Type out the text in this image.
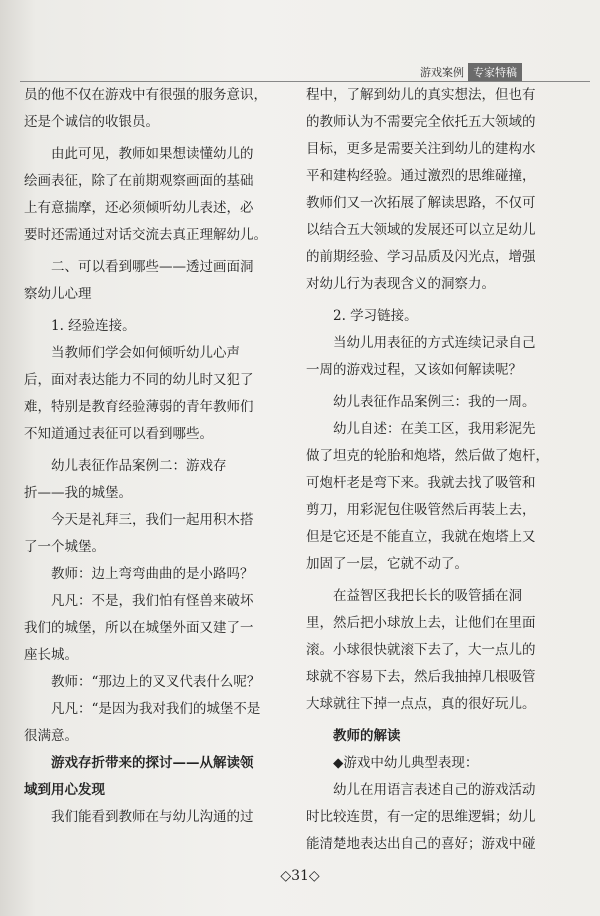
游戏案例 专家特稿

员的他不仅在游戏中有很强的服务意识，

还是个诚信的收银员。

由此可见，教师如果想读懂幼儿的

绘画表征，除了在前期观察画面的基础

上有意揣摩，还必须倾听幼儿表述，必

要时还需通过对话交流去真正理解幼儿。

二、可以看到哪些——透过画面洞

察幼儿心理

1. 经验连接。

当教师们学会如何倾听幼儿心声

后，面对表达能力不同的幼儿时又犯了

难，特别是教育经验薄弱的青年教师们

不知道通过表征可以看到哪些。

幼儿表征作品案例二：游戏存

折——我的城堡。

今天是礼拜三，我们一起用积木搭

了一个城堡。

教师：边上弯弯曲曲的是小路吗？

凡凡：不是，我们怕有怪兽来破坏

我们的城堡，所以在城堡外面又建了一

座长城。

教师：“那边上的叉叉代表什么呢？

凡凡：“是因为我对我们的城堡不是

很满意。

游戏存折带来的探讨——从解读领

域到用心发现

我们能看到教师在与幼儿沟通的过

程中，了解到幼儿的真实想法，但也有

的教师认为不需要完全依托五大领域的

目标，更多是需要关注到幼儿的建构水

平和建构经验。通过激烈的思维碰撞，

教师们又一次拓展了解读思路，不仅可

以结合五大领域的发展还可以立足幼儿

的前期经验、学习品质及闪光点，增强

对幼儿行为表现含义的洞察力。

2. 学习链接。

当幼儿用表征的方式连续记录自己

一周的游戏过程，又该如何解读呢？

幼儿表征作品案例三：我的一周。

幼儿自述：在美工区，我用彩泥先

做了坦克的轮胎和炮塔，然后做了炮杆，

可炮杆老是弯下来。我就去找了吸管和

剪刀，用彩泥包住吸管然后再装上去，

但是它还是不能直立，我就在炮塔上又

加固了一层，它就不动了。

在益智区我把长长的吸管插在洞

里，然后把小球放上去，让他们在里面

滚。小球很快就滚下去了，大一点儿的

球就不容易下去，然后我抽掉几根吸管

大球就往下掉一点点，真的很好玩儿。

教师的解读

◆游戏中幼儿典型表现：

幼儿在用语言表述自己的游戏活动

时比较连贯，有一定的思维逻辑；幼儿

能清楚地表达出自己的喜好；游戏中碰

◇31◇
